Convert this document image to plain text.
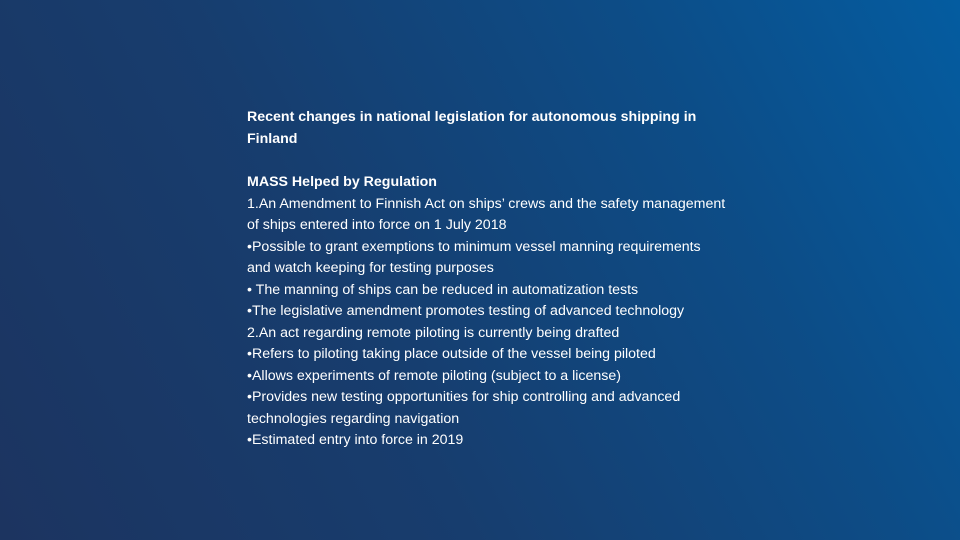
Recent changes in national legislation for autonomous shipping in Finland
MASS Helped by Regulation
1.An Amendment to Finnish Act on ships’ crews and the safety management of ships entered into force on 1 July 2018
•Possible to grant exemptions to minimum vessel manning requirements and watch keeping for testing purposes
• The manning of ships can be reduced in automatization tests
•The legislative amendment promotes testing of advanced technology
2.An act regarding remote piloting is currently being drafted
•Refers to piloting taking place outside of the vessel being piloted
•Allows experiments of remote piloting (subject to a license)
•Provides new testing opportunities for ship controlling and advanced technologies regarding navigation
•Estimated entry into force in 2019
